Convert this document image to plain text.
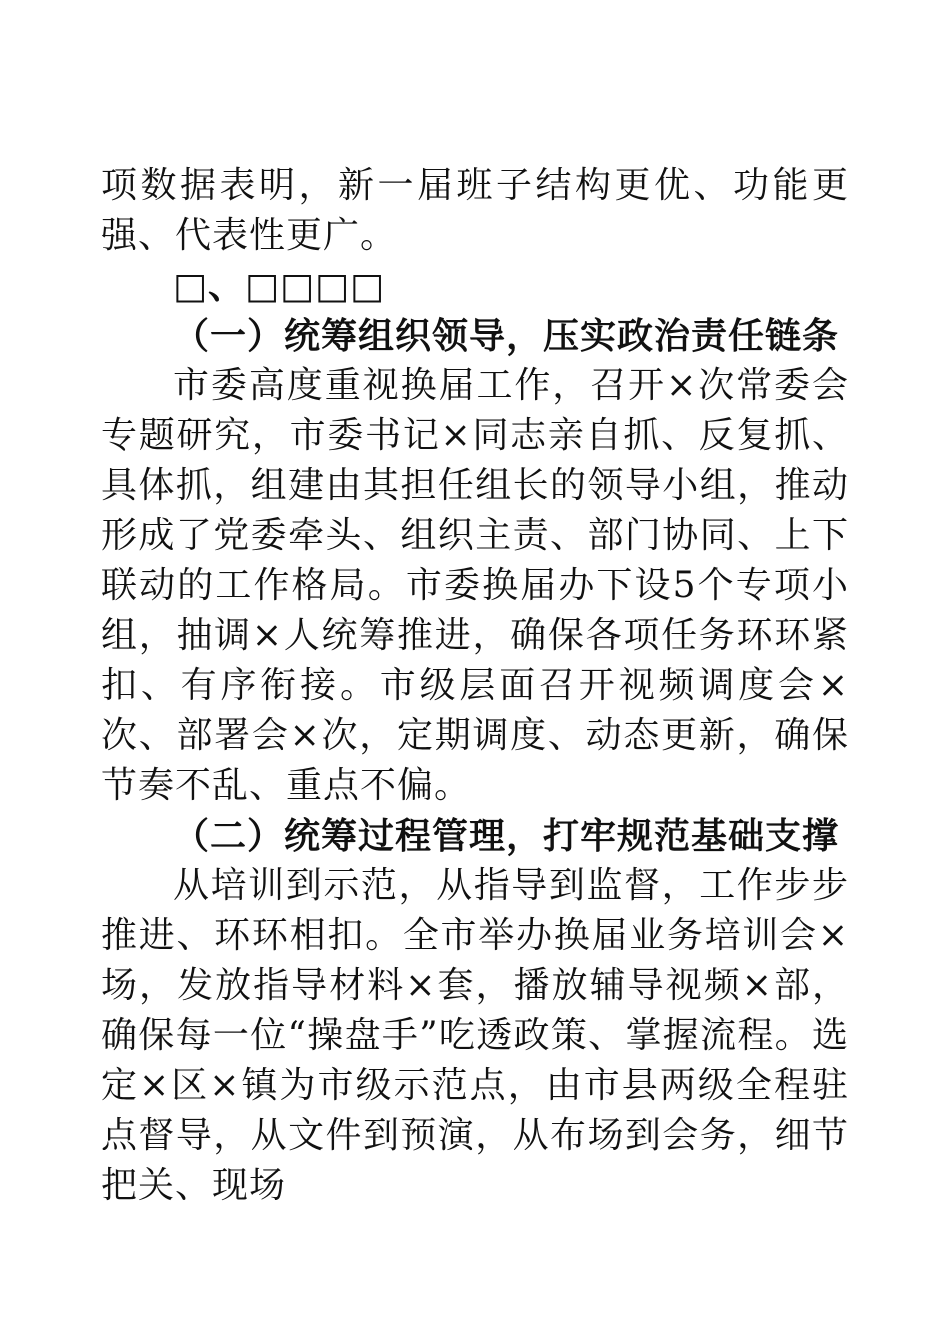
项数据表明，新一届班子结构更优、功能更强、代表性更广。

□、□□□□

（一）统筹组织领导，压实政治责任链条

市委高度重视换届工作，召开×次常委会专题研究，市委书记×同志亲自抓、反复抓、具体抓，组建由其担任组长的领导小组，推动形成了党委牵头、组织主责、部门协同、上下联动的工作格局。市委换届办下设5个专项小组，抽调×人统筹推进，确保各项任务环环紧扣、有序衔接。市级层面召开视频调度会×次、部署会×次，定期调度、动态更新，确保节奏不乱、重点不偏。

（二）统筹过程管理，打牢规范基础支撑

从培训到示范，从指导到监督，工作步步推进、环环相扣。全市举办换届业务培训会×场，发放指导材料×套，播放辅导视频×部，确保每一位“操盘手”吃透政策、掌握流程。选定×区×镇为市级示范点，由市县两级全程驻点督导，从文件到预演，从布场到会务，细节把关、现场
